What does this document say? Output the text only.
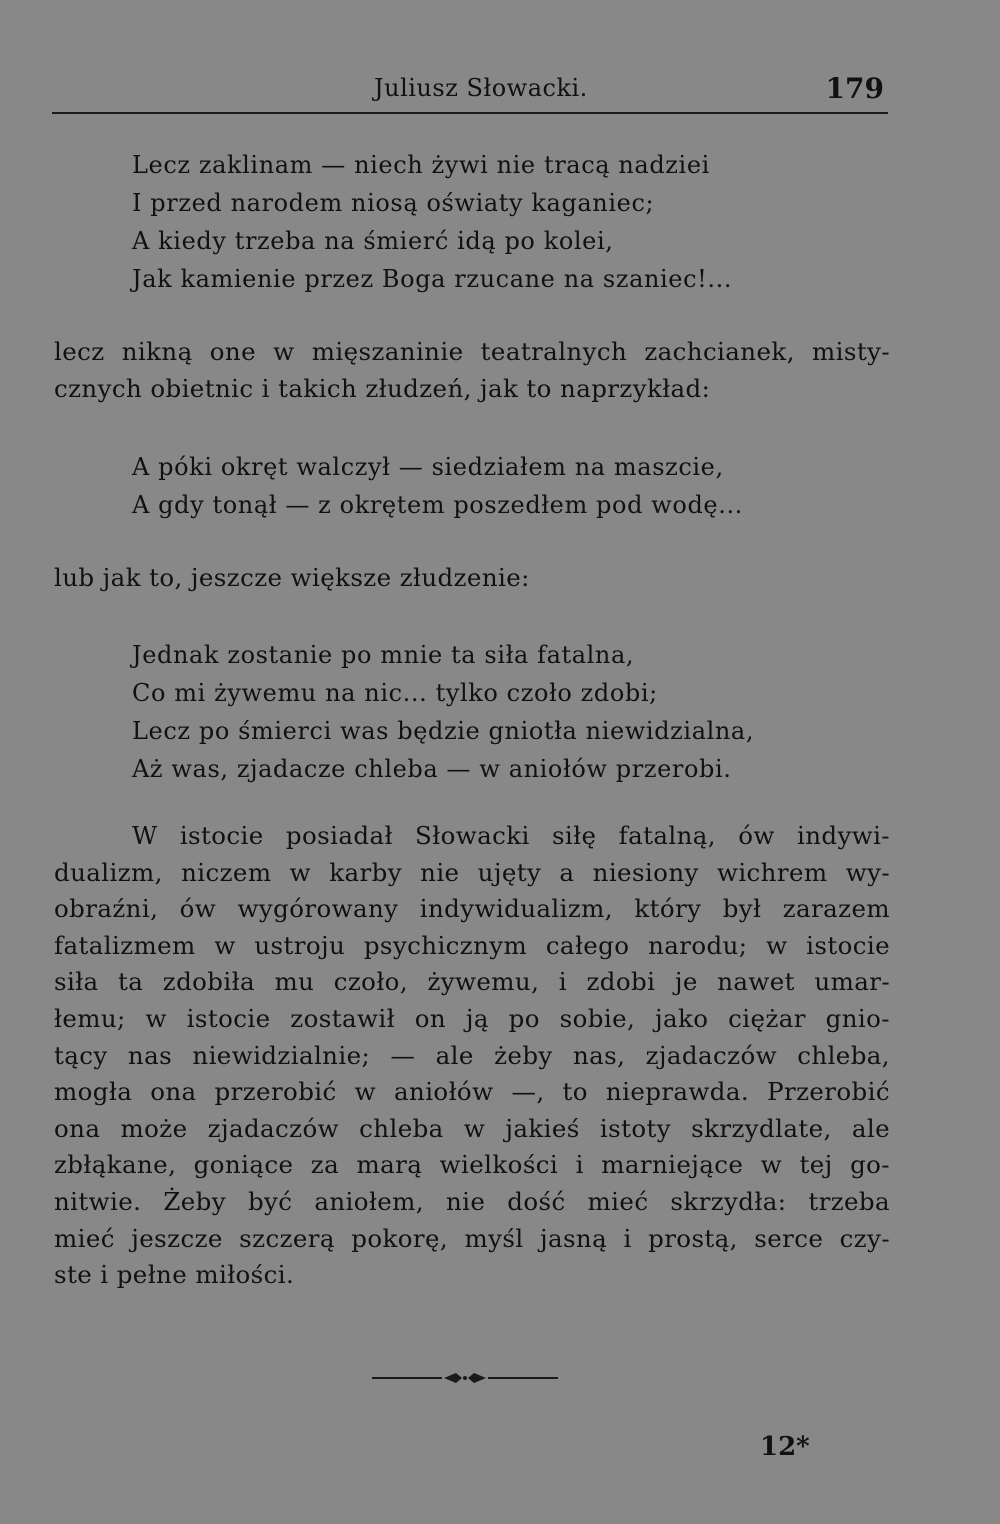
Juliusz Słowacki.	179
Lecz zaklinam — niech żywi nie tracą nadziei
I przed narodem niosą oświaty kaganiec;
A kiedy trzeba na śmierć idą po kolei,
Jak kamienie przez Boga rzucane na szaniec!...
lecz nikną one w mięszaninie teatralnych zachcianek, misty-
cznych obietnic i takich złudzeń, jak to naprzykład:
A póki okręt walczył — siedziałem na maszcie,
A gdy tonął — z okrętem poszedłem pod wodę...
lub jak to, jeszcze większe złudzenie:
Jednak zostanie po mnie ta siła fatalna,
Co mi żywemu na nic... tylko czoło zdobi;
Lecz po śmierci was będzie gniotła niewidzialna,
Aż was, zjadacze chleba — w aniołów przerobi.
W istocie posiadał Słowacki siłę fatalną, ów indywi-
dualizm, niczem w karby nie ujęty a niesiony wichrem wy-
obraźni, ów wygórowany indywidualizm, który był zarazem
fatalizmem w ustroju psychicznym całego narodu; w istocie
siła ta zdobiła mu czoło, żywemu, i zdobi je nawet umar-
łemu; w istocie zostawił on ją po sobie, jako ciężar gnio-
tący nas niewidzialnie; — ale żeby nas, zjadaczów chleba,
mogła ona przerobić w aniołów —, to nieprawda. Przerobić
ona może zjadaczów chleba w jakieś istoty skrzydlate, ale
zbłąkane, goniące za marą wielkości i marniejące w tej go-
nitwie. Żeby być aniołem, nie dość mieć skrzydła: trzeba
mieć jeszcze szczerą pokorę, myśl jasną i prostą, serce czy-
ste i pełne miłości.
12*
